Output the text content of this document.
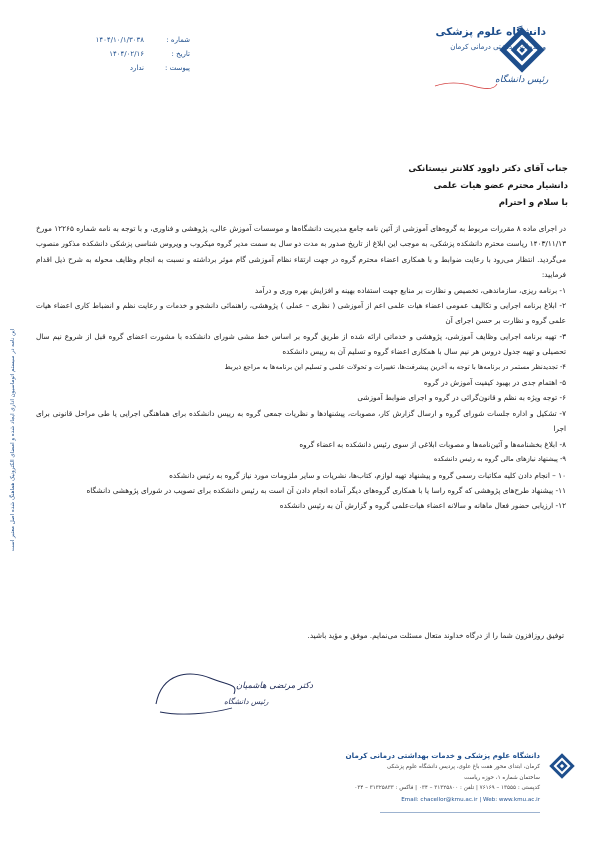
دانشگاه علوم پزشکی
و خدمات بهداشتی درمانی کرمان
رئیس دانشگاه
شماره :
۱۴۰۴/۱۰/۱/۳۰۳۸
تاریخ :
۱۴۰۴/۰۲/۱۶
پیوست :
ندارد
جناب آقای دکتر داوود کلانتر نیستانکی
دانشیار محترم عضو هیات علمی
با سلام و احترام

در اجرای ماده ۸ مقررات مربوط به گروه‌های آموزشی از آئین نامه جامع مدیریت دانشگاه‌ها و موسسات آموزش عالی، پژوهشی و فناوری، و با توجه به نامه شماره ۱۲۲۶۵ مورخ ۱۴۰۳/۱۱/۱۳ ریاست محترم دانشکده پزشکی، به موجب این ابلاغ از تاریخ صدور به مدت دو سال به سمت مدیر گروه میکروب و ویروس شناسی پزشکی دانشکده مذکور منصوب می‌گردید. انتظار می‌رود با رعایت ضوابط و با همکاری اعضاء محترم گروه در جهت ارتقاء نظام آموزشی گام موثر برداشته و نسبت به انجام وظایف محوله به شرح ذیل اقدام فرمایید:

۱- برنامه ریزی، سازماندهی، تخصیص و نظارت بر منابع جهت استفاده بهینه و افزایش بهره وری و درآمد

۲- ابلاغ برنامه اجرایی و تکالیف عمومی اعضاء هیات علمی اعم از آموزشی ( نظری – عملی ) پژوهشی، راهنمائی دانشجو و خدمات و رعایت نظم و انضباط کاری اعضاء هیات علمی گروه و نظارت بر حسن اجرای آن

۳- تهیه برنامه اجرایی وظایف آموزشی، پژوهشی و خدماتی ارائه شده از طریق گروه بر اساس خط مشی شورای دانشکده با مشورت اعضای گروه قبل از شروع نیم سال تحصیلی و تهیه جدول دروس هر نیم سال با همکاری اعضاء گروه و تسلیم آن به رییس دانشکده

۴- تجدیدنظر مستمر در برنامه‌ها با توجه به آخرین پیشرفت‌ها، تغییرات و تحولات علمی و تسلیم این برنامه‌ها به مراجع ذیربط

۵- اهتمام جدی در بهبود کیفیت آموزش در گروه

۶- توجه ویژه به نظم و قانون‌گرائی در گروه و اجرای ضوابط آموزشی

۷- تشکیل و اداره جلسات شورای گروه و ارسال گزارش کار، مصوبات، پیشنهادها و نظریات جمعی گروه به رییس دانشکده برای هماهنگی اجرایی یا طی مراحل قانونی برای اجرا

۸- ابلاغ بخشنامه‌ها و آئین‌نامه‌ها و مصوبات ابلاغی از سوی رئیس دانشکده به اعضاء گروه

۹- پیشنهاد نیازهای مالی گروه به رئیس دانشکده

۱۰ – انجام دادن کلیه مکاتبات رسمی گروه و پیشنهاد تهیه لوازم، کتاب‌ها، نشریات و سایر ملزومات مورد نیاز گروه به رئیس دانشکده

۱۱- پیشنهاد طرح‌های پژوهشی که گروه راسا یا با همکاری گروه‌های دیگر آماده انجام دادن آن است به رئیس دانشکده برای تصویب در شورای پژوهشی دانشگاه

۱۲- ارزیابی حضور فعال ماهانه و سالانه اعضاء هیات‌علمی گروه و گزارش آن به رئیس دانشکده

توفیق روزافزون شما را از درگاه خداوند متعال مسئلت می‌نمایم. موفق و مؤید باشید.
این نامه در سیستم اتوماسیون اداری ایجاد شده و امضای الکترونیک هماهنگ شده اصل معتبر است
دکتر مرتضی هاشمیان
رئیس دانشگاه
دانشگاه علوم پزشکی و خدمات بهداشتی درمانی کرمان
کرمان، ابتدای محور هفت باغ علوی، پردیس دانشگاه علوم پزشکی
ساختمان شماره ۱، حوزه ریاست
کدپستی : ۱۳۵۵۵ – ۷۶۱۶۹ | تلفن : ۳۱۳۲۵۸۰۰ – ۰۳۴ | فاکس : ۳۱۳۲۵۸۳۳ – ۰۳۴
Email: chacellor@kmu.ac.ir | Web: www.kmu.ac.ir
